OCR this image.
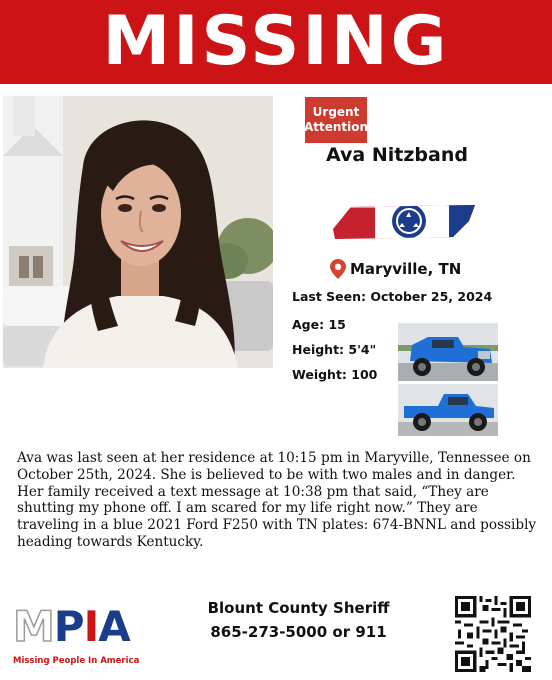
MISSING
Urgent
Attention
Ava Nitzband
Maryville, TN
Last Seen: October 25, 2024
Age: 15
Height: 5'4"
Weight: 100
Ava was last seen at her residence at 10:15 pm in Maryville, Tennessee on October 25th, 2024. She is believed to be with two males and in danger. Her family received a text message at 10:38 pm that said, “They are shutting my phone off. I am scared for my life right now.” They are traveling in a blue 2021 Ford F250 with TN plates: 674-BNNL and possibly heading towards Kentucky.
MPIA
Missing People In America
Blount County Sheriff
865-273-5000 or 911
